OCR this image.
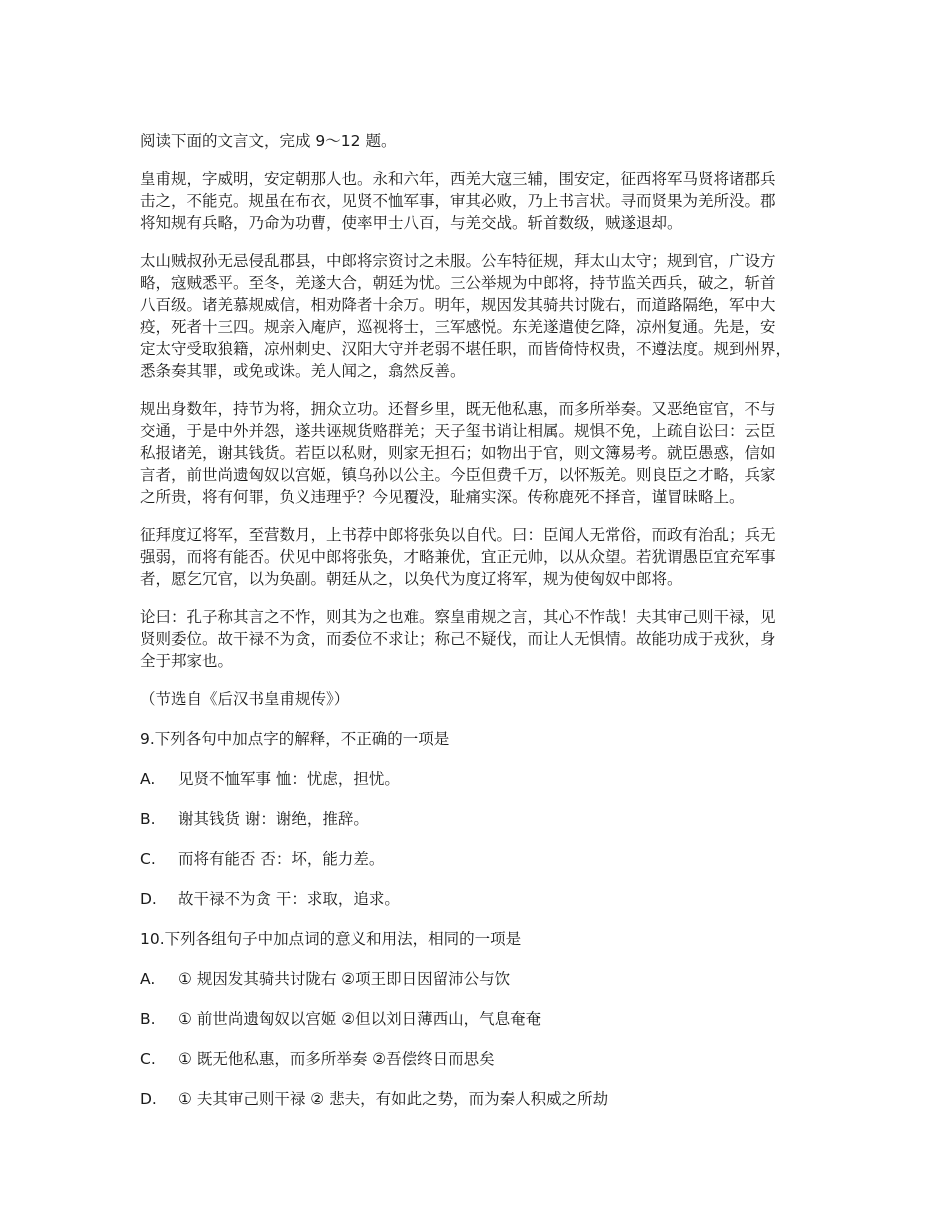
阅读下面的文言文，完成 9～12 题。

皇甫规，字威明，安定朝那人也。永和六年，西羌大寇三辅，围安定，征西将军马贤将诸郡兵

击之，不能克。规虽在布衣，见贤不恤军事，审其必败，乃上书言状。寻而贤果为羌所没。郡

将知规有兵略，乃命为功曹，使率甲士八百，与羌交战。斩首数级，贼遂退却。

太山贼叔孙无忌侵乱郡县，中郎将宗资讨之未服。公车特征规，拜太山太守；规到官，广设方

略，寇贼悉平。至冬，羌遂大合，朝廷为忧。三公举规为中郎将，持节监关西兵，破之，斩首

八百级。诸羌慕规威信，相劝降者十余万。明年，规因发其骑共讨陇右，而道路隔绝，军中大

疫，死者十三四。规亲入庵庐，巡视将士，三军感悦。东羌遂遣使乞降，凉州复通。先是，安

定太守受取狼籍，凉州刺史、汉阳大守并老弱不堪任职，而皆倚恃权贵，不遵法度。规到州界，

悉条奏其罪，或免或诛。羌人闻之，翕然反善。

规出身数年，持节为将，拥众立功。还督乡里，既无他私惠，而多所举奏。又恶绝宦官，不与

交通，于是中外并怨，遂共诬规货赂群羌；天子玺书诮让相属。规惧不免，上疏自讼曰：云臣

私报诸羌，谢其钱货。若臣以私财，则家无担石；如物出于官，则文簿易考。就臣愚惑，信如

言者，前世尚遗匈奴以宫姬，镇乌孙以公主。今臣但费千万，以怀叛羌。则良臣之才略，兵家

之所贵，将有何罪，负义违理乎？今见覆没，耻痛实深。传称鹿死不择音，谨冒昧略上。

征拜度辽将军，至营数月，上书荐中郎将张奂以自代。曰：臣闻人无常俗，而政有治乱；兵无

强弱，而将有能否。伏见中郎将张奂，才略兼优，宜正元帅，以从众望。若犹谓愚臣宜充军事

者，愿乞冗官，以为奂副。朝廷从之，以奂代为度辽将军，规为使匈奴中郎将。

论曰：孔子称其言之不怍，则其为之也难。察皇甫规之言，其心不怍哉！夫其审己则干禄，见

贤则委位。故干禄不为贪，而委位不求让；称己不疑伐，而让人无惧情。故能功成于戎狄，身

全于邦家也。

（节选自《后汉书皇甫规传》）

9.下列各句中加点字的解释，不正确的一项是

A.	见贤不恤军事 恤：忧虑，担忧。
B.	谢其钱货 谢：谢绝，推辞。
C.	而将有能否 否：坏，能力差。
D.	故干禄不为贪 干：求取，追求。

10.下列各组句子中加点词的意义和用法，相同的一项是

A.	① 规因发其骑共讨陇右 ②项王即日因留沛公与饮
B.	① 前世尚遗匈奴以宫姬 ②但以刘日薄西山，气息奄奄
C.	① 既无他私惠，而多所举奏 ②吾偿终日而思矣
D.	① 夫其审己则干禄 ② 悲夫，有如此之势，而为秦人积威之所劫
